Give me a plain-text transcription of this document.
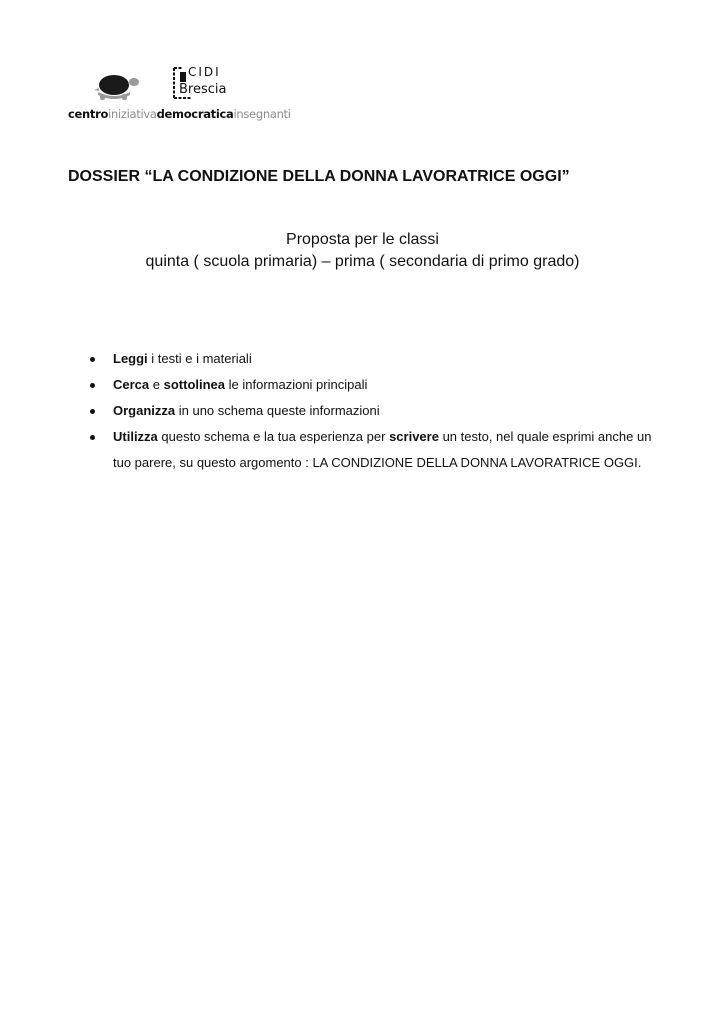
CIDI
Brescia
centroiniziativademocraticainsegnanti
DOSSIER “LA CONDIZIONE DELLA DONNA LAVORATRICE OGGI”
Proposta per le classi
quinta ( scuola primaria) – prima ( secondaria di primo grado)
Leggi i testi e i materiali
Cerca e sottolinea le informazioni principali
Organizza in uno schema queste informazioni
Utilizza questo schema e la tua esperienza per scrivere un testo, nel quale esprimi anche un tuo parere, su questo argomento : LA CONDIZIONE DELLA DONNA LAVORATRICE OGGI.
